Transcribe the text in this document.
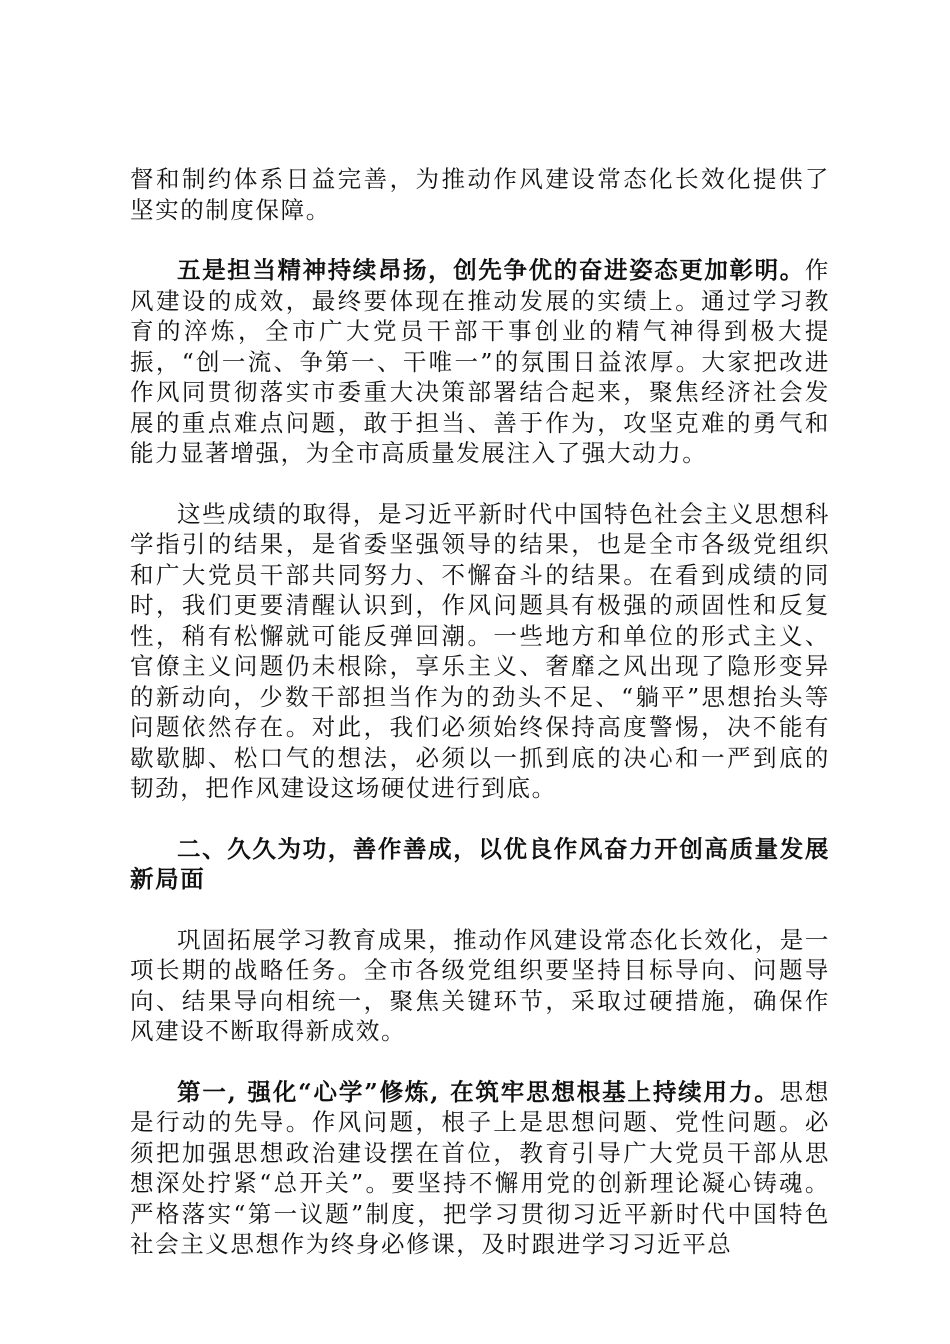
督和制约体系日益完善，为推动作风建设常态化长效化提供了坚实的制度保障。

五是担当精神持续昂扬，创先争优的奋进姿态更加彰明。作风建设的成效，最终要体现在推动发展的实绩上。通过学习教育的淬炼，全市广大党员干部干事创业的精气神得到极大提振，“创一流、争第一、干唯一”的氛围日益浓厚。大家把改进作风同贯彻落实市委重大决策部署结合起来，聚焦经济社会发展的重点难点问题，敢于担当、善于作为，攻坚克难的勇气和能力显著增强，为全市高质量发展注入了强大动力。

这些成绩的取得，是习近平新时代中国特色社会主义思想科学指引的结果，是省委坚强领导的结果，也是全市各级党组织和广大党员干部共同努力、不懈奋斗的结果。在看到成绩的同时，我们更要清醒认识到，作风问题具有极强的顽固性和反复性，稍有松懈就可能反弹回潮。一些地方和单位的形式主义、官僚主义问题仍未根除，享乐主义、奢靡之风出现了隐形变异的新动向，少数干部担当作为的劲头不足、“躺平”思想抬头等问题依然存在。对此，我们必须始终保持高度警惕，决不能有歇歇脚、松口气的想法，必须以一抓到底的决心和一严到底的韧劲，把作风建设这场硬仗进行到底。

二、久久为功，善作善成，以优良作风奋力开创高质量发展新局面

巩固拓展学习教育成果，推动作风建设常态化长效化，是一项长期的战略任务。全市各级党组织要坚持目标导向、问题导向、结果导向相统一，聚焦关键环节，采取过硬措施，确保作风建设不断取得新成效。

第一, 强化“心学”修炼, 在筑牢思想根基上持续用力。思想是行动的先导。作风问题，根子上是思想问题、党性问题。必须把加强思想政治建设摆在首位，教育引导广大党员干部从思想深处拧紧“总开关”。要坚持不懈用党的创新理论凝心铸魂。严格落实“第一议题”制度，把学习贯彻习近平新时代中国特色社会主义思想作为终身必修课，及时跟进学习习近平总
